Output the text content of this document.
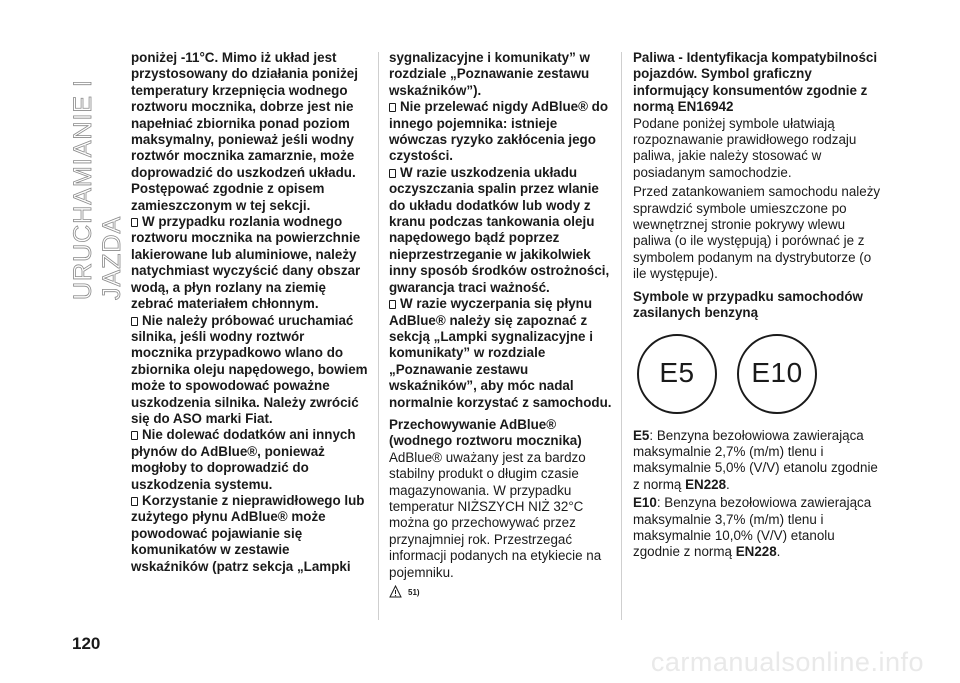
URUCHAMIANIE I JAZDA
120

poniżej -11°C. Mimo iż układ jest przystosowany do działania poniżej temperatury krzepnięcia wodnego roztworu mocznika, dobrze jest nie napełniać zbiornika ponad poziom maksymalny, ponieważ jeśli wodny roztwór mocznika zamarznie, może doprowadzić do uszkodzeń układu. Postępować zgodnie z opisem zamieszczonym w tej sekcji.

W przypadku rozlania wodnego roztworu mocznika na powierzchnie lakierowane lub aluminiowe, należy natychmiast wyczyścić dany obszar wodą, a płyn rozlany na ziemię zebrać materiałem chłonnym.

Nie należy próbować uruchamiać silnika, jeśli wodny roztwór mocznika przypadkowo wlano do zbiornika oleju napędowego, bowiem może to spowodować poważne uszkodzenia silnika. Należy zwrócić się do ASO marki Fiat.

Nie dolewać dodatków ani innych płynów do AdBlue®, ponieważ mogłoby to doprowadzić do uszkodzenia systemu.

Korzystanie z nieprawidłowego lub zużytego płynu AdBlue® może powodować pojawianie się komunikatów w zestawie wskaźników (patrz sekcja „Lampki

sygnalizacyjne i komunikaty” w rozdziale „Poznawanie zestawu wskaźników”).

Nie przelewać nigdy AdBlue® do innego pojemnika: istnieje wówczas ryzyko zakłócenia jego czystości.

W razie uszkodzenia układu oczyszczania spalin przez wlanie do układu dodatków lub wody z kranu podczas tankowania oleju napędowego bądź poprzez nieprzestrzeganie w jakikolwiek inny sposób środków ostrożności, gwarancja traci ważność.

W razie wyczerpania się płynu AdBlue® należy się zapoznać z sekcją „Lampki sygnalizacyjne i komunikaty” w rozdziale „Poznawanie zestawu wskaźników”, aby móc nadal normalnie korzystać z samochodu.

Przechowywanie AdBlue® (wodnego roztworu mocznika)

AdBlue® uważany jest za bardzo stabilny produkt o długim czasie magazynowania. W przypadku temperatur NIŻSZYCH NIŻ 32°C można go przechowywać przez przynajmniej rok. Przestrzegać informacji podanych na etykiecie na pojemniku.

51)

Paliwa - Identyfikacja kompatybilności pojazdów. Symbol graficzny informujący konsumentów zgodnie z normą EN16942

Podane poniżej symbole ułatwiają rozpoznawanie prawidłowego rodzaju paliwa, jakie należy stosować w posiadanym samochodzie.

Przed zatankowaniem samochodu należy sprawdzić symbole umieszczone po wewnętrznej stronie pokrywy wlewu paliwa (o ile występują) i porównać je z symbolem podanym na dystrybutorze (o ile występuje).

Symbole w przypadku samochodów zasilanych benzyną

E5	E10

E5: Benzyna bezołowiowa zawierająca maksymalnie 2,7% (m/m) tlenu i maksymalnie 5,0% (V/V) etanolu zgodnie z normą EN228.

E10: Benzyna bezołowiowa zawierająca maksymalnie 3,7% (m/m) tlenu i maksymalnie 10,0% (V/V) etanolu zgodnie z normą EN228.

carmanualsonline.info
